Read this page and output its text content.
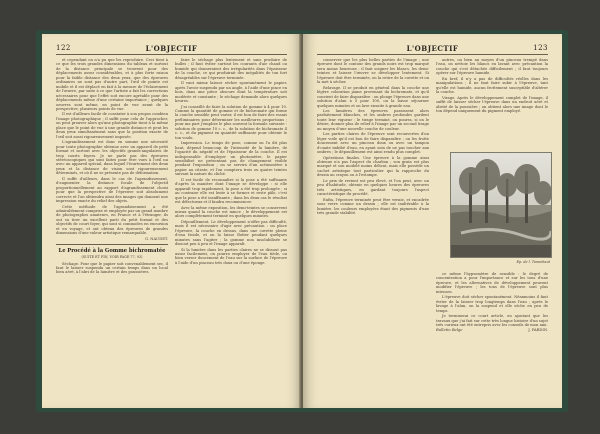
122	L'OBJECTIF

et cependant on n'a pu que les reproduire. Ceci tient à ce que les trois grandes dimensions du tableau et surtout de la distance principale se trouvent pour des déplacements assez considérables, et à plus forte raison pour la faible distance des deux yeux, que des épreuves ordinaires ne sont pas d'autre part, l'œil de pointe est mobile et il est déplacé en fait à la mesure de l'éclairement de l'œuvre, par suite à ce que l'artiste a fait les corrections nécessaires pour que l'effet soit encore agréable pour des déplacements même d'une certaine importance ; quelques oeuvres sont même, en point de vue avant de la perspective, plusieurs points de vue.

Il est d'ailleurs facile de constater à son propos combien l'image photographique ; il suffit pour cela de l'approcher, on peut prouver alors qu'une photographie tient à la même place que le point de vue à une grande distance et peut les deux yeux simultanément sans que la position exacte de l'œil soit aussi rigoureusement imposée.

L'agrandissement est donc en somme une nécessité pour toute photographie obtenue avec un appareil de petit format et surtout avec les objectifs grands-angulaires de trop courts foyers. Je ne parle pas des épreuves stéréoscopiques qui sont faites pour être vues à l'œil nu avec un appareil spécial, dans lequel l'écartement des deux yeux et la distance de vision sont rigoureusement déterminés, et où il ne se présente pas de déformation.

Il suffit d'ailleurs, dans le cas de l'agrandissement, d'augmenter la distance focale de l'objectif proportionnellement au rapport d'agrandissement choisi pour que la perspective de l'épreuve soit absolument correcte et l'on obtiendra ainsi des images qui donnent une impression exacte du relief des objets.

Cette méthode de l'agrandissement a été admirablement comprise et employée par un grand nombre de photographes amateurs, en France et à l'étranger, ils ont su tirer un excellent parti du petit format et des objectifs de court foyer, qui sont si commodes en excursion et en voyage, et ont obtenu des épreuves de grandes dimensions d'une valeur artistique remarquable.

G. NAUDET.
Le Procédé à la Gomme bichromatée
(SUITE ET FIN, VOIR PAGE 77, 93)

Séchage. Pour que le papier soit convenablement sec, il faut le laisser suspendu un certain temps dans un local bien aéré, à l'abri de la lumière et des poussières.

faire le séchage plus lentement et sans produire de bulles ; il faut éviter surtout les courants d'air chaud ou humide qui donneraient des irrégularités dans l'épaisseur de la couche, ce qui produirait des inégalités de ton fort désagréables sur l'épreuve terminée.

Il vaut mieux laisser sécher spontanément le papier, après l'avoir suspendu par un angle, à l'aide d'une pince en bois, dans une pièce obscure dont la température soit modérée et constante ; le séchage demande alors quelques heures.

J'ai conseillé de faire la solution de gomme à 4 pour 10. Comme la quantité de gomme et de bichromate qui forme la couche sensible peut varier, il est bon de faire des essais préliminaires pour déterminer les meilleures proportions ; pour ma part j'emploie le plus souvent la formule suivante : solution de gomme 10 c. c., de la solution de bichromate 4 c. c., et du pigment en quantité suffisante pour obtenir le ton voulu.

Impression. Le temps de pose, comme on l'a dit plus haut, dépend beaucoup de l'intensité de la lumière, de l'opacité du négatif et de l'épaisseur de la couche. Il est indispensable d'employer un photomètre, le papier sensibilisé ne présentant pas de changement visible pendant l'exposition ; on se servira d'un actinomètre à papier au citrate, et l'on comptera trois ou quatre teintes suivant la nature du cliché.

Il est facile de reconnaître si la pose a été suffisante d'après la manière dont l'image se développe : si elle apparaît trop rapidement, la pose a été trop prolongée ; si au contraire elle est lente à se former et reste pâle, c'est que la pose a été insuffisante ; dans les deux cas le résultat est défectueux et il faudra recommencer.

Avec la même exposition, les demi-teintes se conservent mieux quand la couche est mince ; le développement est alors complètement terminé en quelques minutes.

Dépouillement. Le développement n'offre pas difficulté, mais il est nécessaire d'agir avec précaution : on place l'épreuve, la couche en dessus, dans une cuvette pleine d'eau froide, et on la laisse flotter pendant quelques minutes sans l'agiter ; la gomme non insolubilisée se dissout peu à peu et l'image apparaît.

Si la lumière dans les parties claires ne se dissout pas assez facilement, on pourra employer de l'eau tiède, ou bien verser doucement de l'eau sur la surface de l'épreuve à l'aide d'un pinceau très doux ou d'une éponge.

L'OBJECTIF	123

conserver que les plus belles parties de l'image ; une épreuve dont le contour des grands noirs est trop marqué sera moins heureuse ; il faut soigner les blancs, les demi-teintes et laisser l'œuvre se développer lentement. Si l'épreuve doit être terminée, on la retire de la cuvette et on la met à sécher.

Relavage. Il se produit en général dans la couche une légère coloration jaune provenant du bichromate, et qu'il convient de faire disparaître : on plonge l'épreuve dans une solution d'alun à 5 pour 100, on la laisse séjourner quelques minutes et on lave ensuite à grande eau.

Les lumières des épreuves paraissent alors parfaitement blanches, et les ombres profondes gardent toute leur vigueur ; le tirage terminé, on pourra, si on le désire, donner plus de relief à l'image par un second tirage au moyen d'une nouvelle couche de couleur.

Les parties claires de l'épreuve sont recouvertes d'un léger voile qu'il est bon de faire disparaître ; on les frotte doucement avec un pinceau doux ou avec un tampon d'ouate imbibé d'eau, en ayant soin de ne pas toucher aux ombres ; le dépouillement est ainsi rendu plus complet.

Opérations finales. Une épreuve à la gomme ainsi obtenue n'a pas l'aspect du charbon ; son grain est plus marqué et son modelé moins délicat, mais elle possède un cachet artistique tout particulier qui la rapproche du dessin au crayon ou à l'estompe.

Le prix de revient est peu élevé, et l'on peut, avec un peu d'habitude, obtenir en quelques heures des épreuves très artistiques, en gardant toujours l'aspect caractéristique du procédé.

Enfin, l'épreuve terminée peut être vernie, et encadrée sous verre comme un dessin ; elle est inaltérable à la lumière, les couleurs employées étant des pigments d'une très grande stabilité.

autres, ou bien au moyen d'un pinceau trempé dans l'eau, on nettoie les blancs en lavant avec précaution la couche qui s'est détachée difficilement ; il faut toujours opérer sur l'épreuve humide.

En bref, il n'y a pas de difficultés réelles dans les manipulations ; il ne faut faire subir à l'épreuve, tant qu'elle est humide, aucun frottement susceptible d'altérer la couche.

Virage. Après le développement complet de l'image, il suffit de laisser sécher l'épreuve dans un endroit aéré et abrité de la poussière ; on obtient alors une image dont le ton dépend uniquement du pigment employé.

Ep. de l. Tonnehaut

ce même l'hypsomètre de sensible : le degré de concentration a pour l'importance et sur les tons d'une épreuve, et les alternatives de développement peuvent modifier l'épreuve ; les tons de l'épreuve sont plus intenses.

L'épreuve doit sécher spontanément. Néanmoins il faut éviter de la laisser trop longtemps dans l'eau ; après le lavage à l'alun, on la suspend et elle sèche en peu de temps.

Je terminerai ce court article, en ajoutant que les travaux que j'ai fait sur cette très longue histoire d'un sujet très curieux ont été entrepris avec les conseils de mon ami.

Bulletin Belge	J. PARDIN.
